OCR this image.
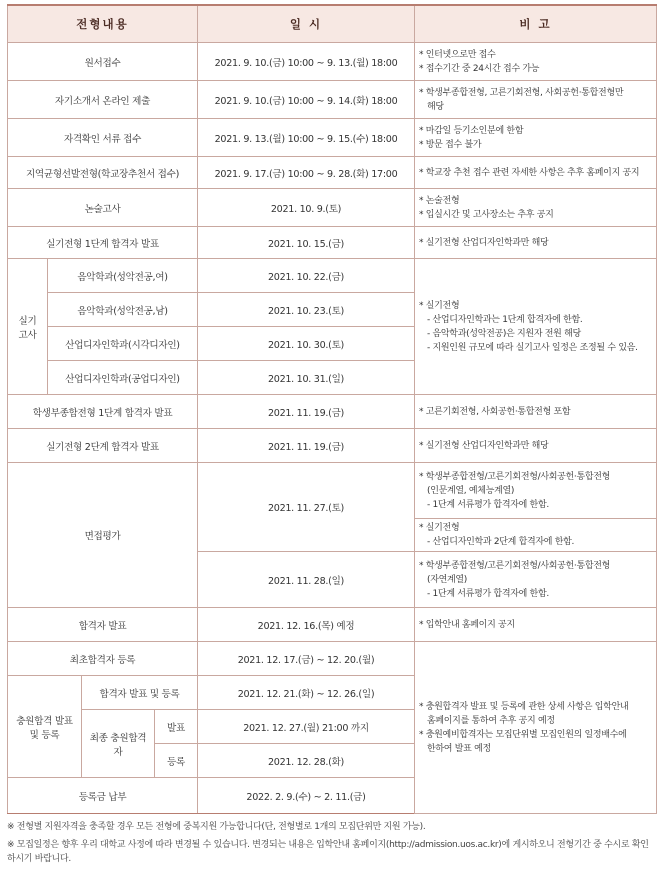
전형내용				일 시	비 고
원서접수				2021. 9. 10.(금) 10:00 ~ 9. 13.(월) 18:00	* 인터넷으로만 접수
* 접수기간 중 24시간 접수 가능

자기소개서 온라인 제출				2021. 9. 10.(금) 10:00 ~ 9. 14.(화) 18:00	* 학생부종합전형, 고른기회전형, 사회공헌·통합전형만
해당

자격확인 서류 접수				2021. 9. 13.(월) 10:00 ~ 9. 15.(수) 18:00	* 마감일 등기소인분에 한함
* 방문 접수 불가

지역균형선발전형(학교장추천서 접수)				2021. 9. 17.(금) 10:00 ~ 9. 28.(화) 17:00	* 학교장 추천 접수 관련 자세한 사항은 추후 홈페이지 공지

논술고사				2021. 10. 9.(토)	* 논술전형
* 입실시간 및 고사장소는 추후 공지

실기전형 1단계 합격자 발표				2021. 10. 15.(금)	* 실기전형 산업디자인학과만 해당

실기
고사	음악학과(성악전공,여)			2021. 10. 22.(금)	* 실기전형
- 산업디자인학과는 1단계 합격자에 한함.
- 음악학과(성악전공)은 지원자 전원 해당
- 지원인원 규모에 따라 실기고사 일정은 조정될 수 있음.

	음악학과(성악전공,남)			2021. 10. 23.(토)	
	산업디자인학과(시각디자인)			2021. 10. 30.(토)	
	산업디자인학과(공업디자인)			2021. 10. 31.(일)	
학생부종합전형 1단계 합격자 발표				2021. 11. 19.(금)	* 고른기회전형, 사회공헌·통합전형 포함

실기전형 2단계 합격자 발표				2021. 11. 19.(금)	* 실기전형 산업디자인학과만 해당

면접평가				2021. 11. 27.(토)	* 학생부종합전형/고른기회전형/사회공헌·통합전형
(인문계열, 예체능계열)
- 1단계 서류평가 합격자에 한함.

					* 실기전형
- 산업디자인학과 2단계 합격자에 한함.

				2021. 11. 28.(일)	* 학생부종합전형/고른기회전형/사회공헌·통합전형
(자연계열)
- 1단계 서류평가 합격자에 한함.

합격자 발표				2021. 12. 16.(목) 예정	* 입학안내 홈페이지 공지

최초합격자 등록				2021. 12. 17.(금) ~ 12. 20.(월)	* 충원합격자 발표 및 등록에 관한 상세 사항은 입학안내
홈페이지를 통하여 추후 공지 예정
* 충원예비합격자는 모집단위별 모집인원의 일정배수에
한하여 발표 예정

충원합격 발표
및 등록		합격자 발표 및 등록		2021. 12. 21.(화) ~ 12. 26.(일)	
		최종 충원합격자	발표	2021. 12. 27.(월) 21:00 까지	
			등록	2021. 12. 28.(화)	
등록금 납부				2022. 2. 9.(수) ~ 2. 11.(금)	

※ 전형별 지원자격을 충족할 경우 모든 전형에 중복지원 가능합니다(단, 전형별로 1개의 모집단위만 지원 가능).

※ 모집일정은 향후 우리 대학교 사정에 따라 변경될 수 있습니다. 변경되는 내용은 입학안내 홈페이지(http://admission.uos.ac.kr)에 게시하오니 전형기간 중 수시로 확인하시기 바랍니다.
